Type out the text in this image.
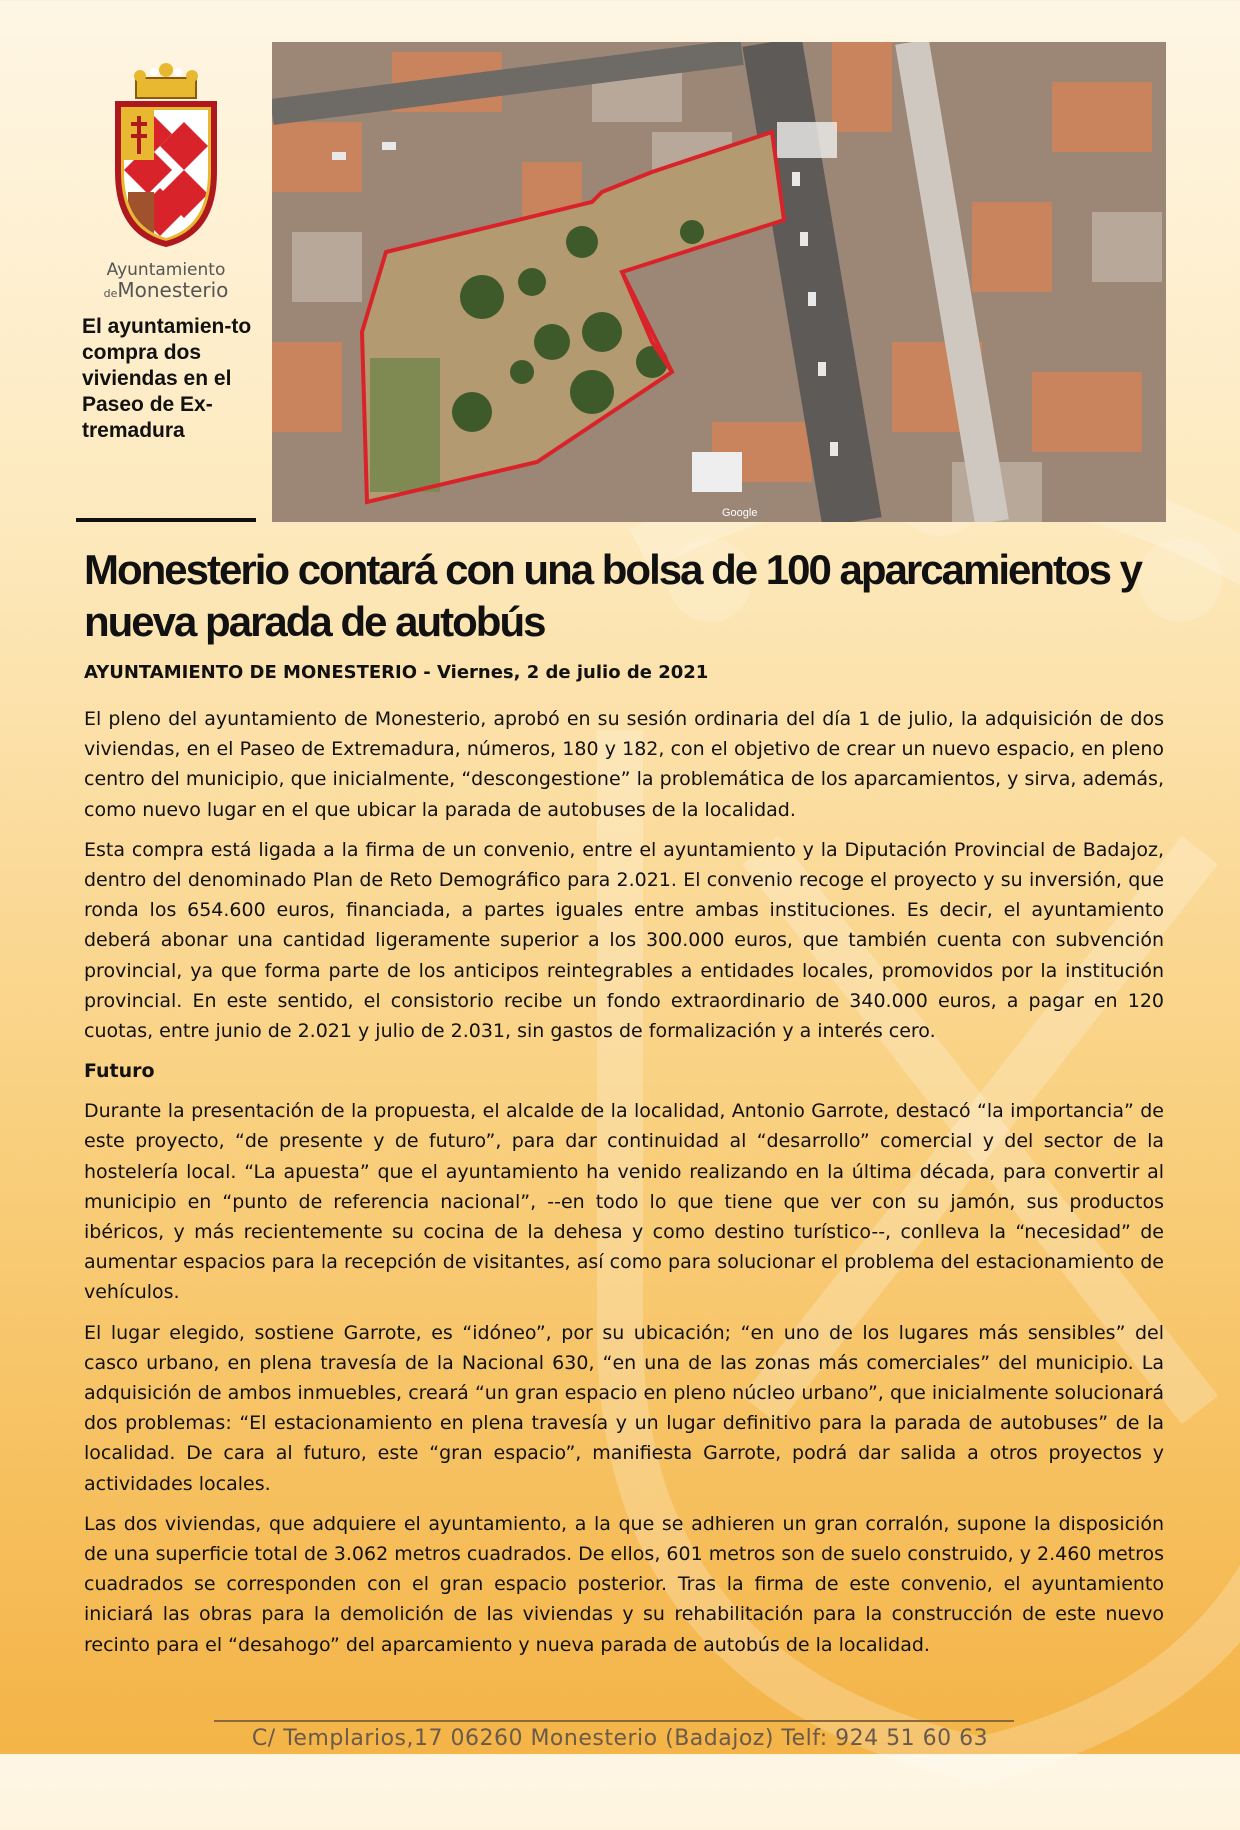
Ayuntamiento
deMonesterio
El ayuntamien-to compra dos viviendas en el Paseo de Ex-tremadura
Google
Monesterio contará con una bolsa de 100 aparcamientos y nueva parada de autobús
AYUNTAMIENTO DE MONESTERIO - Viernes, 2 de julio de 2021

El pleno del ayuntamiento de Monesterio, aprobó en su sesión ordinaria del día 1 de julio, la adquisición de dos viviendas, en el Paseo de Extremadura, números, 180 y 182, con el objetivo de crear un nuevo espacio, en pleno centro del municipio, que inicialmente, “descongestione” la problemática de los aparcamientos, y sirva, además, como nuevo lugar en el que ubicar la parada de autobuses de la localidad.

Esta compra está ligada a la firma de un convenio, entre el ayuntamiento y la Diputación Provincial de Badajoz, dentro del denominado Plan de Reto Demográfico para 2.021. El convenio recoge el proyecto y su inversión, que ronda los 654.600 euros, financiada, a partes iguales entre ambas instituciones. Es decir, el ayuntamiento deberá abonar una cantidad ligeramente superior a los 300.000 euros, que también cuenta con subvención provincial, ya que forma parte de los anticipos reintegrables a entidades locales, promovidos por la institución provincial. En este sentido, el consistorio recibe un fondo extraordinario de 340.000 euros, a pagar en 120 cuotas, entre junio de 2.021 y julio de 2.031, sin gastos de formalización y a interés cero.

Futuro

Durante la presentación de la propuesta, el alcalde de la localidad, Antonio Garrote, destacó “la importancia” de este proyecto, “de presente y de futuro”, para dar continuidad al “desarrollo” comercial y del sector de la hostelería local. “La apuesta” que el ayuntamiento ha venido realizando en la última década, para convertir al municipio en “punto de referencia nacional”, --en todo lo que tiene que ver con su jamón, sus productos ibéricos, y más recientemente su cocina de la dehesa y como destino turístico--, conlleva la “necesidad” de aumentar espacios para la recepción de visitantes, así como para solucionar el problema del estacionamiento de vehículos.

El lugar elegido, sostiene Garrote, es “idóneo”, por su ubicación; “en uno de los lugares más sensibles” del casco urbano, en plena travesía de la Nacional 630, “en una de las zonas más comerciales” del municipio. La adquisición de ambos inmuebles, creará “un gran espacio en pleno núcleo urbano”, que inicialmente solucionará dos problemas: “El estacionamiento en plena travesía y un lugar definitivo para la parada de autobuses” de la localidad. De cara al futuro, este “gran espacio”, manifiesta Garrote, podrá dar salida a otros proyectos y actividades locales.

Las dos viviendas, que adquiere el ayuntamiento, a la que se adhieren un gran corralón, supone la disposición de una superficie total de 3.062 metros cuadrados. De ellos, 601 metros son de suelo construido, y 2.460 metros cuadrados se corresponden con el gran espacio posterior. Tras la firma de este convenio, el ayuntamiento iniciará las obras para la demolición de las viviendas y su rehabilitación para la construcción de este nuevo recinto para el “desahogo” del aparcamiento y nueva parada de autobús de la localidad.

C/ Templarios,17 06260 Monesterio (Badajoz) Telf: 924 51 60 63
